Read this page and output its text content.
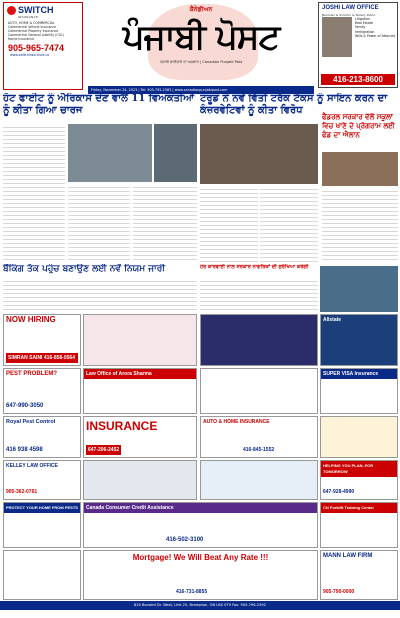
SWITCH
INSURANCE
AUTO, HOME & COMMERCIAL
Commercial Vehicle Insurance
Commercial Property Insurance
Commercial General Liability (CGL)
Home Insurance
905-965-7474
www.switchinsurance.ca
ਕੈਨੇਡੀਅਨ
ਪੰਜਾਬੀ ਪੋਸਟ
ਪੰਜਾਬੀ ਭਾਈਚਾਰੇ ਦਾ ਅਖ਼ਬਾਰ | Canadian Punjabi Post
JOSHI LAW OFFICE
Barrister & Solicitor & Notary Public
Litigation
Real Estate
Family
Immigration
Wills & Power of Attorney
416-213-8600
Friday, November 24, 2023 | Tel: 905-795-2583 | www.canadianpunjabipost.com
ਹੋਟ ਫਾਈਟ ਨੂੰ ਐਰਿਕਾਸ ਦੇਣ ਵਾਲੇ 11 ਵਿਅਕਤੀਆਂ ਨੂੰ ਕੀਤਾ ਗਿਆ ਚਾਰਜ
ਟਰੂਡੋ ਨੇ ਨਵੇਂ ਵਿੱਤੀ ਟਰੱਕ ਟੈਕਸ ਨੂੰ ਸਾਇਨ ਕਰਨ ਦਾ ਕੰਜ਼ਰਵੇਟਿਵਾਂ ਨੂੰ ਕੀਤਾ ਵਿਰੋਧ
ਫੈਡਰਲ ਸਰਕਾਰ ਵੱਲੋਂ ਸਕੂਲਾਂ ਵਿਚ ਖਾਣੇ ਦੇ ਪ੍ਰੋਗਰਾਮ ਲਈ ਫੰਡ ਦਾ ਐਲਾਨ
ਬੈਂਕਿੰਗ ਤੱਕ ਪਹੁੰਚ ਬਣਾਉਣ ਲਈ ਨਵੇਂ ਨਿਯਮ ਜਾਰੀ	ਹੋਰ ਕਾਰਵਾਈ ਨਾਲ ਸਰਕਾਰ ਨਾਗਰਿਕਾਂ ਦੀ ਸੁਰੱਖਿਆ ਕਰੇਗੀ
NOW HIRING
SIMRAN SAINI 416-858-0564
Allstate
PEST PROBLEM?
647-990-3050
Law Office of Arora Sharma	SUPER VISA Insurance
Royal Pest Control
416 938 4598
INSURANCE
647-206-2452
AUTO & HOME INSURANCE
416-845-1552
KELLEY LAW OFFICE
905-362-0761
HELPING YOU PLAN..FOR TOMORROW
647-928-4990
PROTECT YOUR HOME FROM PESTS	Canada Consumer Credit Assistance
416-502-3100
CN Forklift Training Center
Mortgage! We Will Beat Any Rate !!!
416-731-8855
MANN LAW FIRM
905-790-0000
820 Bovaird Dr. West, Unit 25, Brampton, ON L6X 0T9 Fax: 905-796-2592
